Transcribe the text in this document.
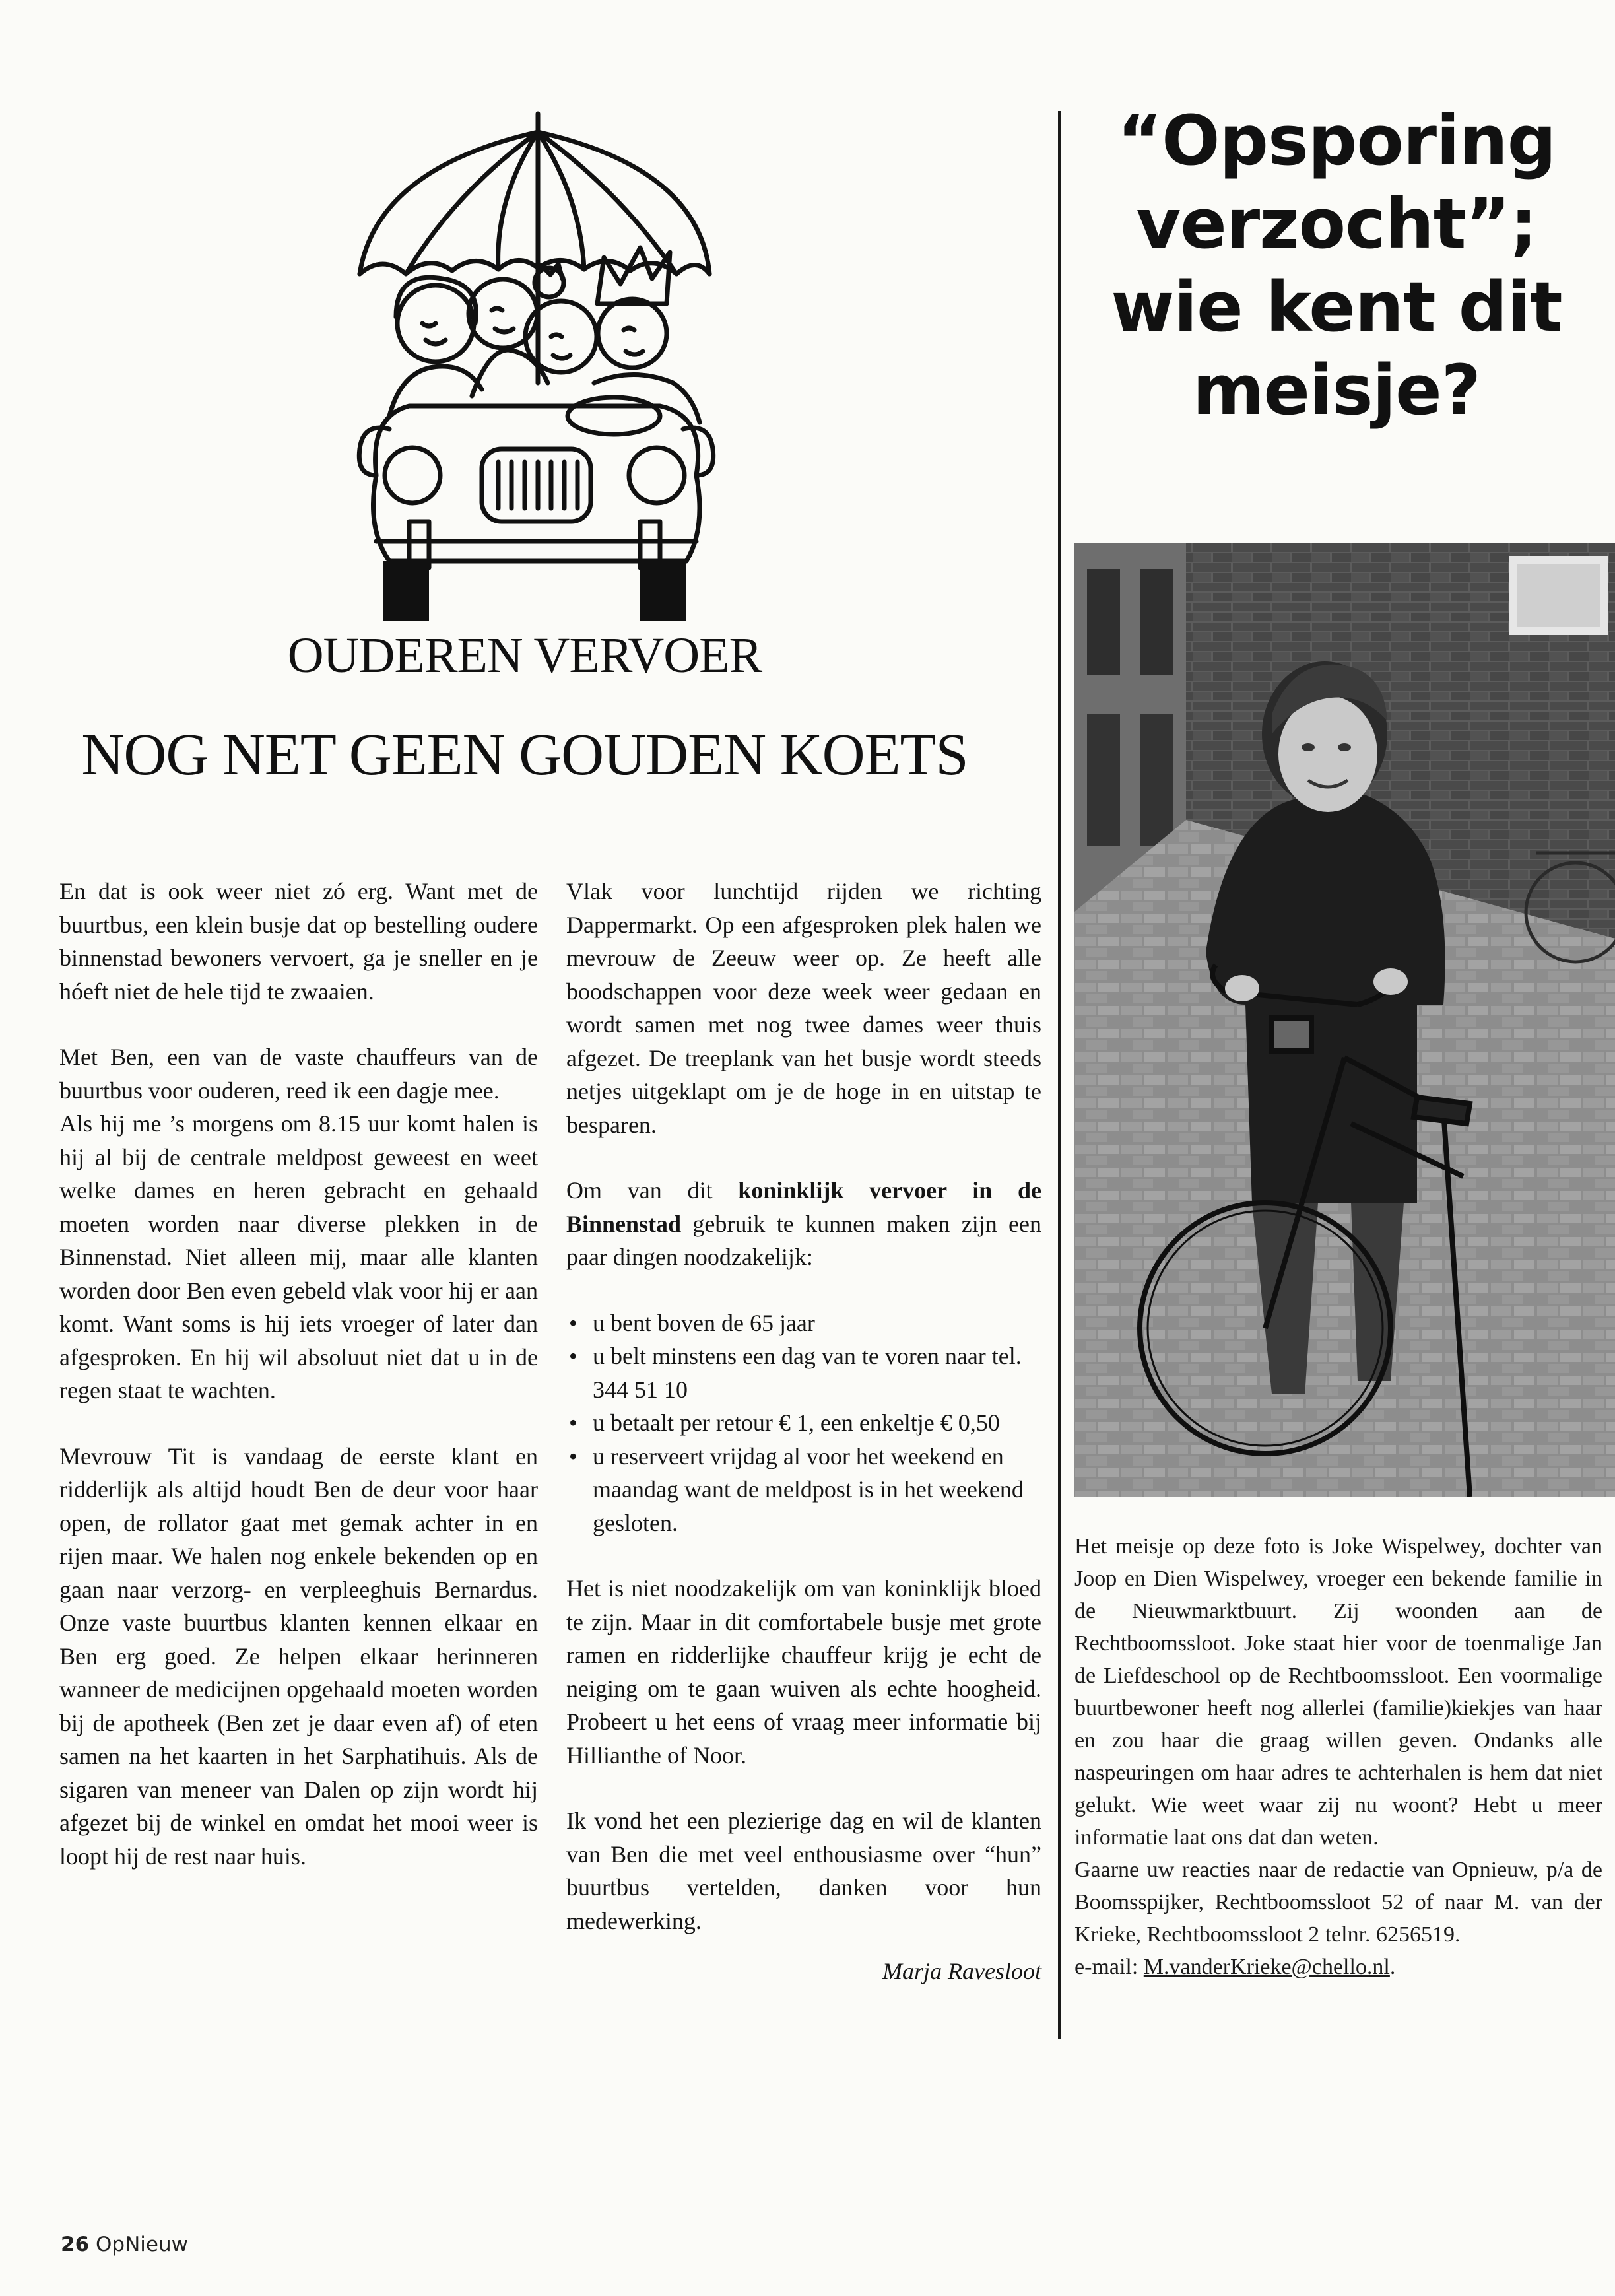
OUDEREN VERVOER
NOG NET GEEN GOUDEN KOETS

En dat is ook weer niet zó erg. Want met de buurtbus, een klein busje dat op bestelling oudere binnenstad bewoners vervoert, ga je sneller en je hóeft niet de hele tijd te zwaaien.

Met Ben, een van de vaste chauffeurs van de buurtbus voor ouderen, reed ik een dagje mee.

Als hij me ’s morgens om 8.15 uur komt halen is hij al bij de centrale meldpost geweest en weet welke dames en heren gebracht en gehaald moeten worden naar diverse plekken in de Binnenstad. Niet alleen mij, maar alle klanten worden door Ben even gebeld vlak voor hij er aan komt. Want soms is hij iets vroeger of later dan afgesproken. En hij wil absoluut niet dat u in de regen staat te wachten.

Mevrouw Tit is vandaag de eerste klant en ridderlijk als altijd houdt Ben de deur voor haar open, de rollator gaat met gemak achter in en rijen maar. We halen nog enkele bekenden op en gaan naar verzorg- en verpleeghuis Bernardus. Onze vaste buurtbus klanten kennen elkaar en Ben erg goed. Ze helpen elkaar herinneren wanneer de medicijnen opgehaald moeten worden bij de apotheek (Ben zet je daar even af) of eten samen na het kaarten in het Sarphatihuis. Als de sigaren van meneer van Dalen op zijn wordt hij afgezet bij de winkel en omdat het mooi weer is loopt hij de rest naar huis.

Vlak voor lunchtijd rijden we richting Dappermarkt. Op een afgesproken plek halen we mevrouw de Zeeuw weer op. Ze heeft alle boodschappen voor deze week weer gedaan en wordt samen met nog twee dames weer thuis afgezet. De treeplank van het busje wordt steeds netjes uitgeklapt om je de hoge in en uitstap te besparen.

Om van dit koninklijk vervoer in de Binnenstad gebruik te kunnen maken zijn een paar dingen noodzakelijk:

• u bent boven de 65 jaar
• u belt minstens een dag van te voren naar tel. 344 51 10
• u betaalt per retour € 1, een enkeltje € 0,50
• u reserveert vrijdag al voor het weekend en maandag want de meldpost is in het weekend gesloten.

Het is niet noodzakelijk om van koninklijk bloed te zijn. Maar in dit comfortabele busje met grote ramen en ridderlijke chauffeur krijg je echt de neiging om te gaan wuiven als echte hoogheid. Probeert u het eens of vraag meer informatie bij Hillianthe of Noor.

Ik vond het een plezierige dag en wil de klanten van Ben die met veel enthousiasme over “hun” buurtbus vertelden, danken voor hun medewerking.

Marja Ravesloot

“Opsporing
verzocht”;
wie kent dit
meisje?

Het meisje op deze foto is Joke Wispelwey, dochter van Joop en Dien Wispelwey, vroeger een bekende familie in de Nieuwmarktbuurt. Zij woonden aan de Rechtboomssloot. Joke staat hier voor de toenmalige Jan de Liefdeschool op de Rechtboomssloot. Een voormalige buurtbewoner heeft nog allerlei (familie)kiekjes van haar en zou haar die graag willen geven. Ondanks alle naspeuringen om haar adres te achterhalen is hem dat niet gelukt. Wie weet waar zij nu woont? Hebt u meer informatie laat ons dat dan weten.

Gaarne uw reacties naar de redactie van Opnieuw, p/a de Boomsspijker, Rechtboomssloot 52 of naar M. van der Krieke, Rechtboomssloot 2 telnr. 6256519.

e-mail: M.vanderKrieke@chello.nl.

26 OpNieuw
